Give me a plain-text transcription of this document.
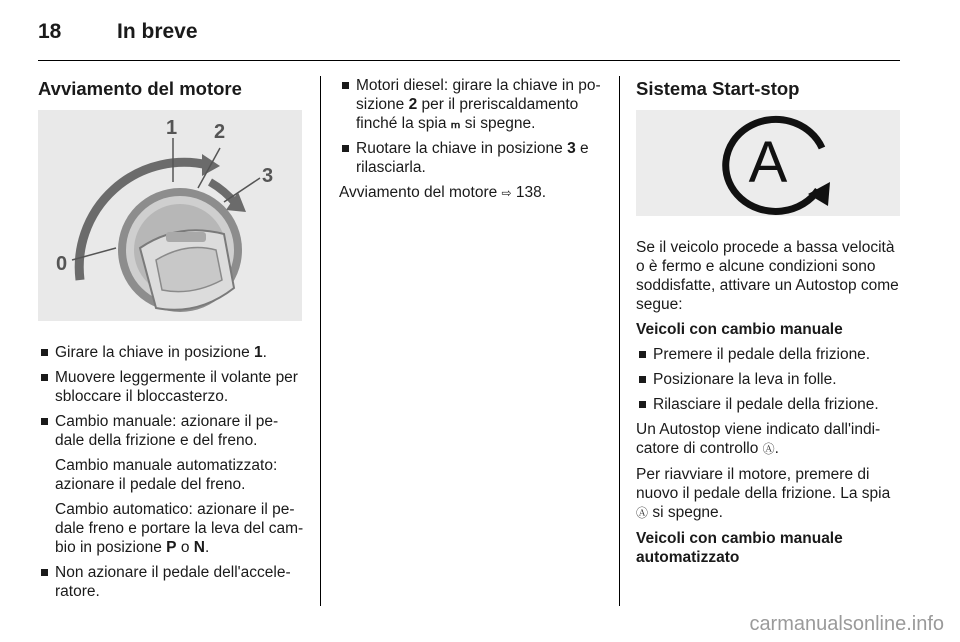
18	In breve
Avviamento del motore
1 2
3
0
Girare la chiave in posizione 1.
Muovere leggermente il volante per sbloccare il bloccasterzo.
Cambio manuale: azionare il pe- dale della frizione e del freno.
Cambio manuale automatizzato: azionare il pedale del freno.
Cambio automatico: azionare il pe- dale freno e portare la leva del cam- bio in posizione P o N.
Non azionare il pedale dell'accele- ratore.
Motori diesel: girare la chiave in po- sizione 2 per il preriscaldamento finché la spia ₘ si spegne.
Ruotare la chiave in posizione 3 e rilasciarla.
Avviamento del motore ⇨ 138.
Sistema Start-stop
A
Se il veicolo procede a bassa velocità o è fermo e alcune condizioni sono soddisfatte, attivare un Autostop come segue:
Veicoli con cambio manuale
Premere il pedale della frizione.
Posizionare la leva in folle.
Rilasciare il pedale della frizione.
Un Autostop viene indicato dall'indi- catore di controllo Ⓐ.
Per riavviare il motore, premere di nuovo il pedale della frizione. La spia Ⓐ si spegne.
Veicoli con cambio manuale automatizzato
carmanualsonline.info
